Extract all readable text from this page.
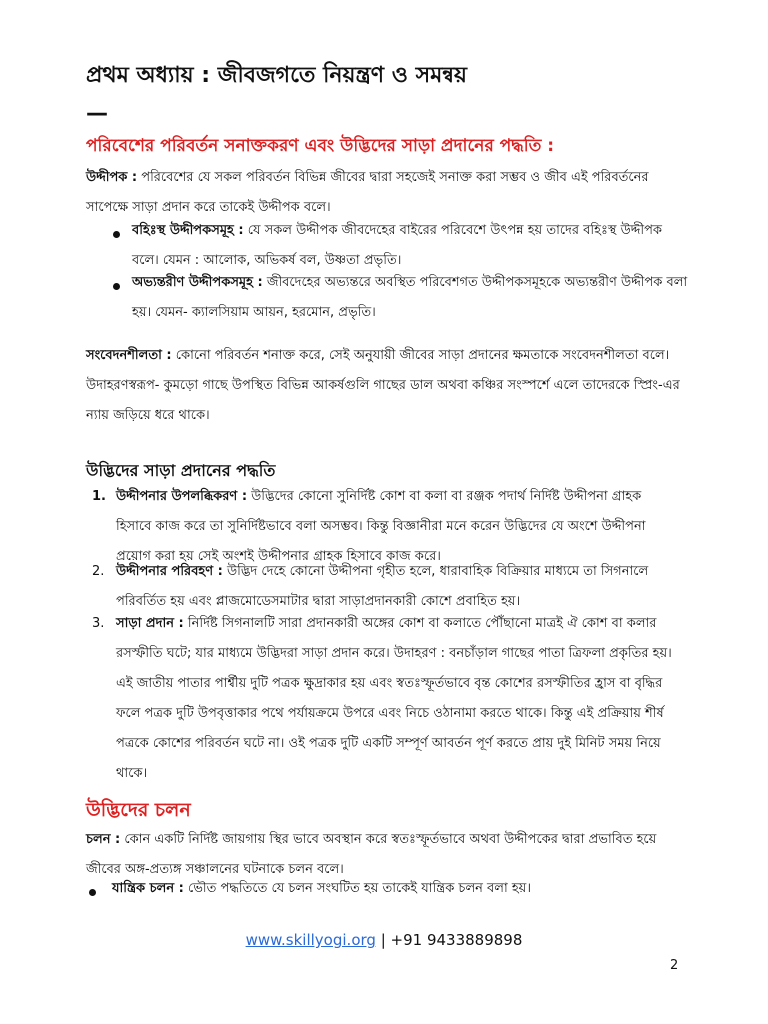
প্রথম অধ্যায় : জীবজগতে নিয়ন্ত্রণ ও সমন্বয়
—
পরিবেশের পরিবর্তন সনাক্তকরণ এবং উদ্ভিদের সাড়া প্রদানের পদ্ধতি :
উদ্দীপক : পরিবেশের যে সকল পরিবর্তন বিভিন্ন জীবের দ্বারা সহজেই সনাক্ত করা সম্ভব ও জীব এই পরিবর্তনের সাপেক্ষে সাড়া প্রদান করে তাকেই উদ্দীপক বলে।
বহিঃস্থ উদ্দীপকসমূহ : যে সকল উদ্দীপক জীবদেহের বাইরের পরিবেশে উৎপন্ন হয় তাদের বহিঃস্থ উদ্দীপক বলে। যেমন : আলোক, অভিকর্ষ বল, উষ্ণতা প্রভৃতি।
অভ্যন্তরীণ উদ্দীপকসমূহ : জীবদেহের অভ্যন্তরে অবস্থিত পরিবেশগত উদ্দীপকসমূহকে অভ্যন্তরীণ উদ্দীপক বলা হয়। যেমন- ক্যালসিয়াম আয়ন, হরমোন, প্রভৃতি।
সংবেদনশীলতা : কোনো পরিবর্তন শনাক্ত করে, সেই অনুযায়ী জীবের সাড়া প্রদানের ক্ষমতাকে সংবেদনশীলতা বলে। উদাহরণস্বরূপ- কুমড়ো গাছে উপস্থিত বিভিন্ন আকর্ষগুলি গাছের ডাল অথবা কঞ্চির সংস্পর্শে এলে তাদেরকে স্প্রিং-এর ন্যায় জড়িয়ে ধরে থাকে।
উদ্ভিদের সাড়া প্রদানের পদ্ধতি
1. উদ্দীপনার উপলব্ধিকরণ : উদ্ভিদের কোনো সুনির্দিষ্ট কোশ বা কলা বা রঞ্জক পদার্থ নির্দিষ্ট উদ্দীপনা গ্রাহক হিসাবে কাজ করে তা সুনির্দিষ্টভাবে বলা অসম্ভব। কিন্তু বিজ্ঞানীরা মনে করেন উদ্ভিদের যে অংশে উদ্দীপনা প্রয়োগ করা হয় সেই অংশই উদ্দীপনার গ্রাহক হিসাবে কাজ করে।
2. উদ্দীপনার পরিবহণ : উদ্ভিদ দেহে কোনো উদ্দীপনা গৃহীত হলে, ধারাবাহিক বিক্রিয়ার মাধ্যমে তা সিগনালে পরিবর্তিত হয় এবং প্লাজমোডেসমাটার দ্বারা সাড়াপ্রদানকারী কোশে প্রবাহিত হয়।
3. সাড়া প্রদান : নির্দিষ্ট সিগনালটি সারা প্রদানকারী অঙ্গের কোশ বা কলাতে পৌঁছানো মাত্রই ঐ কোশ বা কলার রসস্ফীতি ঘটে; যার মাধ্যমে উদ্ভিদরা সাড়া প্রদান করে। উদাহরণ : বনচাঁড়াল গাছের পাতা ত্রিফলা প্রকৃতির হয়। এই জাতীয় পাতার পার্শ্বীয় দুটি পত্রক ক্ষুদ্রাকার হয় এবং স্বতঃস্ফূর্তভাবে বৃন্ত কোশের রসস্ফীতির হ্রাস বা বৃদ্ধির ফলে পত্রক দুটি উপবৃত্তাকার পথে পর্যায়ক্রমে উপরে এবং নিচে ওঠানামা করতে থাকে। কিন্তু এই প্রক্রিয়ায় শীর্ষ পত্রকে কোশের পরিবর্তন ঘটে না। ওই পত্রক দুটি একটি সম্পূর্ণ আবর্তন পূর্ণ করতে প্রায় দুই মিনিট সময় নিয়ে থাকে।
উদ্ভিদের চলন
চলন : কোন একটি নির্দিষ্ট জায়গায় স্থির ভাবে অবস্থান করে স্বতঃস্ফূর্তভাবে অথবা উদ্দীপকের দ্বারা প্রভাবিত হয়ে জীবের অঙ্গ-প্রত্যঙ্গ সঞ্চালনের ঘটনাকে চলন বলে।
যান্ত্রিক চলন : ভৌত পদ্ধতিতে যে চলন সংঘটিত হয় তাকেই যান্ত্রিক চলন বলা হয়।
www.skillyogi.org | +91 9433889898
2
